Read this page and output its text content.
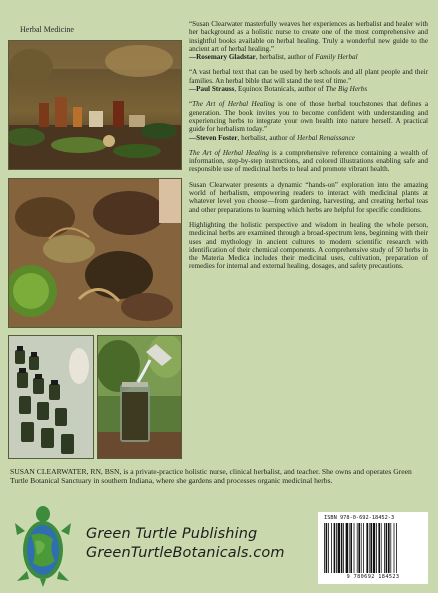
Herbal Medicine

“Susan Clearwater masterfully weaves her experiences as herbalist and healer with her background as a holistic nurse to create one of the most comprehensive and insightful books available on herbal healing. Truly a wonderful new guide to the ancient art of herbal healing.”
—Rosemary Gladstar, herbalist, author of Family Herbal

“A vast herbal text that can be used by herb schools and all plant people and their families. An herbal bible that will stand the test of time.”
—Paul Strauss, Equinox Botanicals, author of The Big Herbs

“The Art of Herbal Healing is one of those herbal touchstones that defines a generation. The book invites you to become confident with understanding and experiencing herbs to integrate your own health into nature herself. A practical guide for herbalism today.”
—Steven Foster, herbalist, author of Herbal Renaissance

The Art of Herbal Healing is a comprehensive reference containing a wealth of information, step-by-step instructions, and colored illustrations enabling safe and responsible use of medicinal herbs to heal and promote vibrant health.

Susan Clearwater presents a dynamic “hands-on” exploration into the amazing world of herbalism, empowering readers to interact with medicinal plants at whatever level you choose—from gardening, harvesting, and creating herbal teas and other preparations to learning which herbs are helpful for specific conditions.

Highlighting the holistic perspective and wisdom in healing the whole person, medicinal herbs are examined through a broad-spectrum lens, beginning with their uses and mythology in ancient cultures to modern scientific research with identification of their chemical components. A comprehensive study of 50 herbs in the Materia Medica includes their medicinal uses, cultivation, preparation of remedies for internal and external healing, dosages, and safety precautions.

SUSAN CLEARWATER, RN, BSN, is a private-practice holistic nurse, clinical herbalist, and teacher. She owns and operates Green Turtle Botanical Sanctuary in southern Indiana, where she gardens and processes organic medicinal herbs.
Green Turtle Publishing
GreenTurtleBotanicals.com
ISBN 978-0-692-18452-3
9 780692 184523
